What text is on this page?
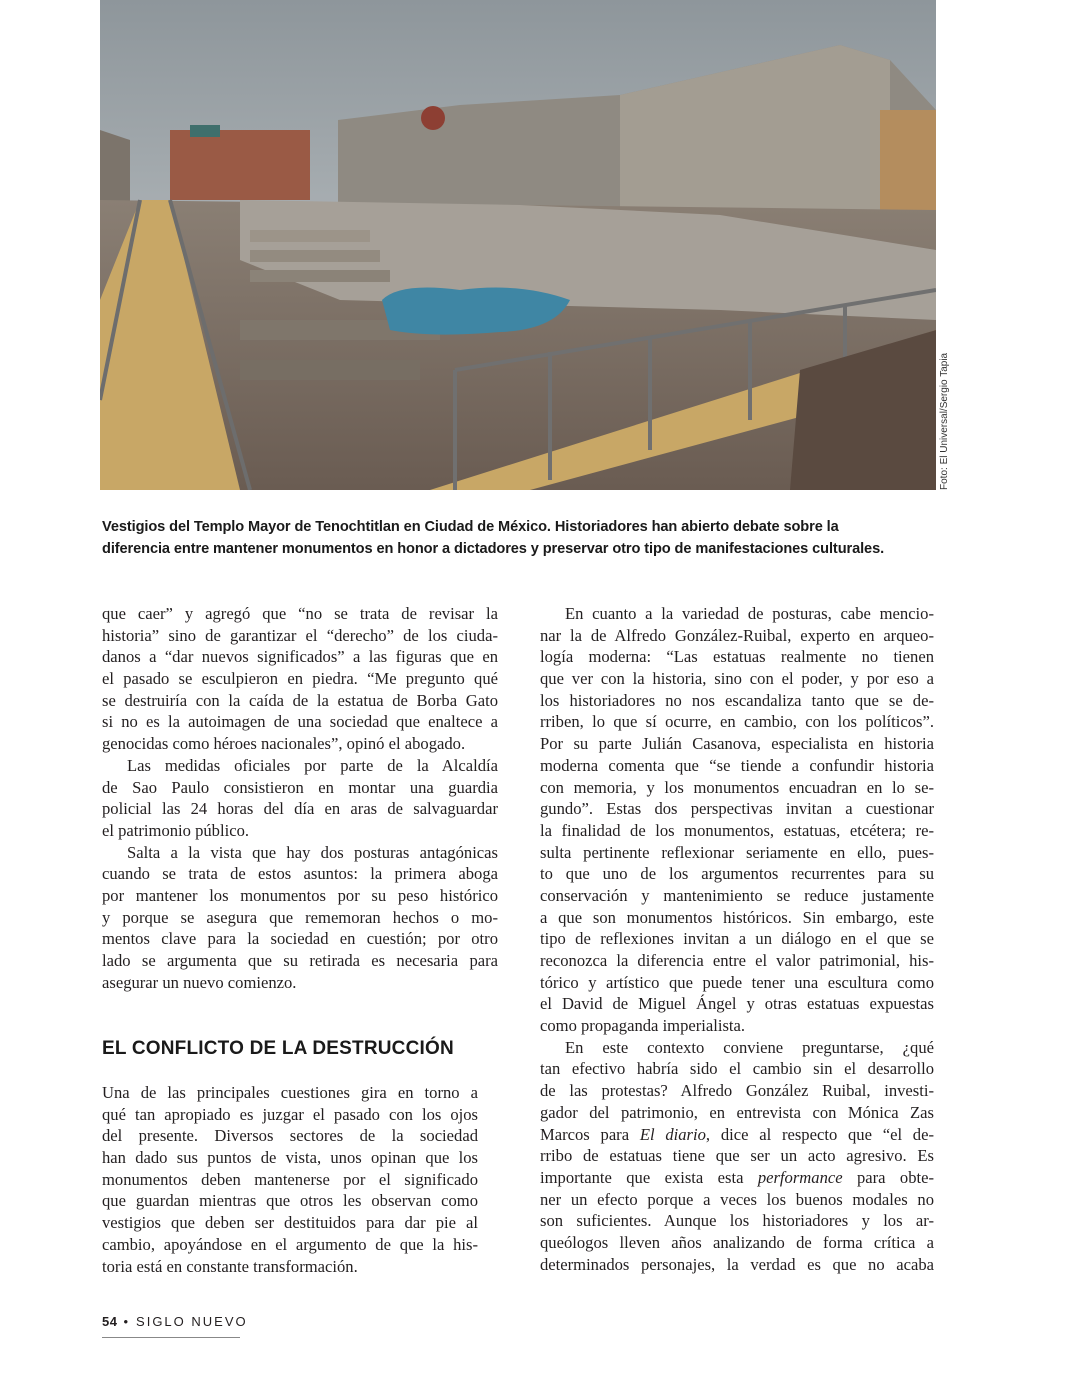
Foto: El Universal/Sergio Tapia
Vestigios del Templo Mayor de Tenochtitlan en Ciudad de México. Historiadores han abierto debate sobre la
diferencia entre mantener monumentos en honor a dictadores y preservar otro tipo de manifestaciones culturales.
que caer” y agregó que “no se trata de revisar la
historia” sino de garantizar el “derecho” de los ciuda-
danos a “dar nuevos significados” a las figuras que en
el pasado se esculpieron en piedra. “Me pregunto qué
se destruiría con la caída de la estatua de Borba Gato
si no es la autoimagen de una sociedad que enaltece a
genocidas como héroes nacionales”, opinó el abogado.
Las medidas oficiales por parte de la Alcaldía
de Sao Paulo consistieron en montar una guardia
policial las 24 horas del día en aras de salvaguardar
el patrimonio público.
Salta a la vista que hay dos posturas antagónicas
cuando se trata de estos asuntos: la primera aboga
por mantener los monumentos por su peso histórico
y porque se asegura que rememoran hechos o mo-
mentos clave para la sociedad en cuestión; por otro
lado se argumenta que su retirada es necesaria para
asegurar un nuevo comienzo.
EL CONFLICTO DE LA DESTRUCCIÓN
Una de las principales cuestiones gira en torno a
qué tan apropiado es juzgar el pasado con los ojos
del presente. Diversos sectores de la sociedad
han dado sus puntos de vista, unos opinan que los
monumentos deben mantenerse por el significado
que guardan mientras que otros les observan como
vestigios que deben ser destituidos para dar pie al
cambio, apoyándose en el argumento de que la his-
toria está en constante transformación.
En cuanto a la variedad de posturas, cabe mencio-
nar la de Alfredo González-Ruibal, experto en arqueo-
logía moderna: “Las estatuas realmente no tienen
que ver con la historia, sino con el poder, y por eso a
los historiadores no nos escandaliza tanto que se de-
rriben, lo que sí ocurre, en cambio, con los políticos”.
Por su parte Julián Casanova, especialista en historia
moderna comenta que “se tiende a confundir historia
con memoria, y los monumentos encuadran en lo se-
gundo”. Estas dos perspectivas invitan a cuestionar
la finalidad de los monumentos, estatuas, etcétera; re-
sulta pertinente reflexionar seriamente en ello, pues-
to que uno de los argumentos recurrentes para su
conservación y mantenimiento se reduce justamente
a que son monumentos históricos. Sin embargo, este
tipo de reflexiones invitan a un diálogo en el que se
reconozca la diferencia entre el valor patrimonial, his-
tórico y artístico que puede tener una escultura como
el David de Miguel Ángel y otras estatuas expuestas
como propaganda imperialista.
En este contexto conviene preguntarse, ¿qué
tan efectivo habría sido el cambio sin el desarrollo
de las protestas? Alfredo González Ruibal, investi-
gador del patrimonio, en entrevista con Mónica Zas
Marcos para El diario, dice al respecto que “el de-
rribo de estatuas tiene que ser un acto agresivo. Es
importante que exista esta performance para obte-
ner un efecto porque a veces los buenos modales no
son suficientes. Aunque los historiadores y los ar-
queólogos lleven años analizando de forma crítica a
determinados personajes, la verdad es que no acaba
54 • SIGLO NUEVO
